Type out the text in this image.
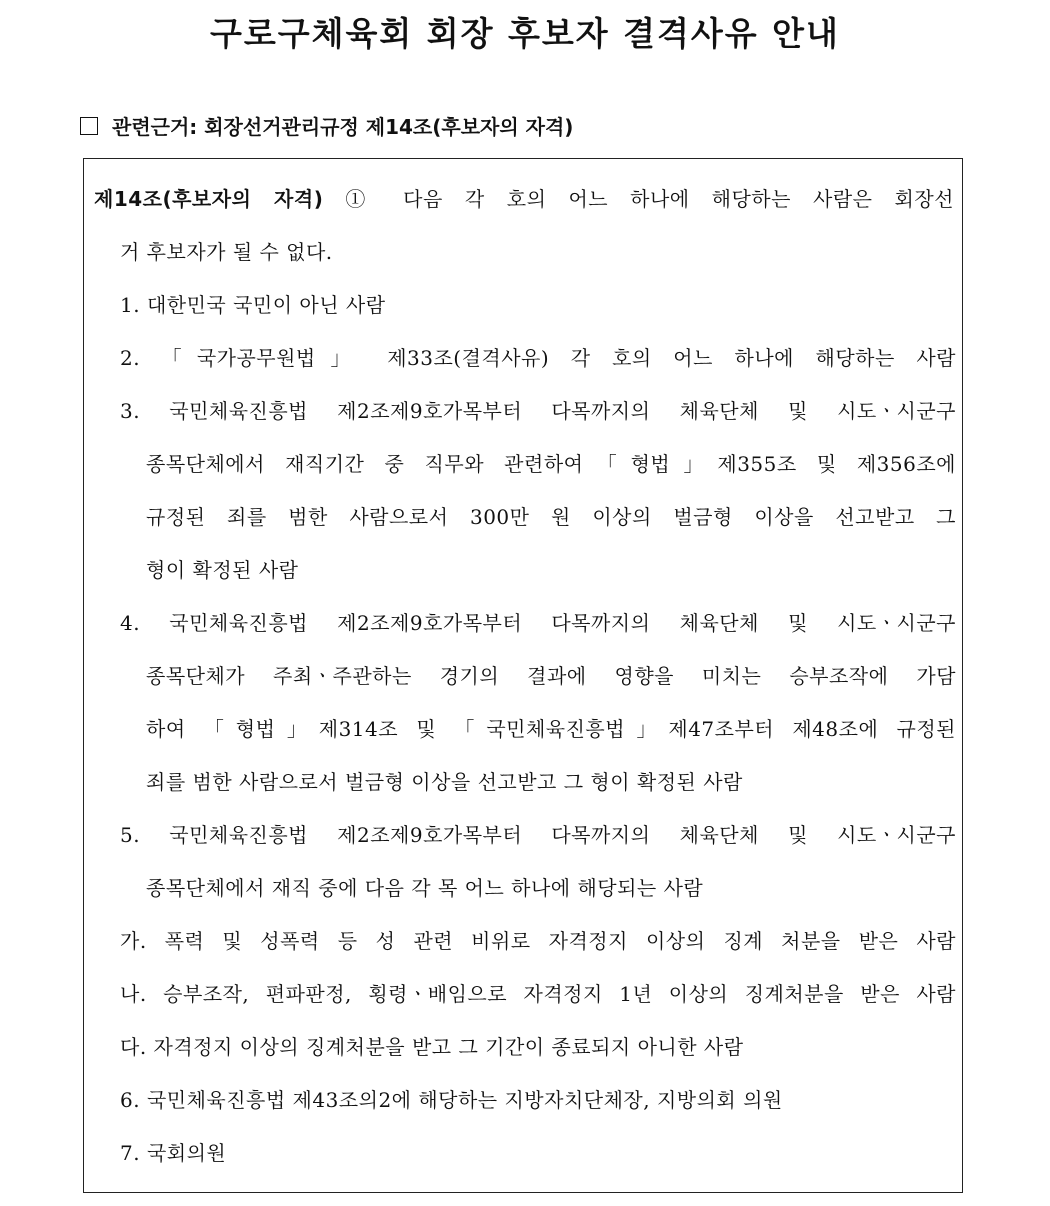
구로구체육회 회장 후보자 결격사유 안내
관련근거: 회장선거관리규정 제14조(후보자의 자격)
제14조(후보자의 자격) ① 다음 각 호의 어느 하나에 해당하는 사람은 회장선
거 후보자가 될 수 없다.
1. 대한민국 국민이 아닌 사람
2. 「국가공무원법」 제33조(결격사유) 각 호의 어느 하나에 해당하는 사람
3. 국민체육진흥법 제2조제9호가목부터 다목까지의 체육단체 및 시도ㆍ시군구
종목단체에서 재직기간 중 직무와 관련하여「형법」제355조 및 제356조에
규정된 죄를 범한 사람으로서 300만 원 이상의 벌금형 이상을 선고받고 그
형이 확정된 사람
4. 국민체육진흥법 제2조제9호가목부터 다목까지의 체육단체 및 시도ㆍ시군구
종목단체가 주최ㆍ주관하는 경기의 결과에 영향을 미치는 승부조작에 가담
하여 「형법」제314조 및 「국민체육진흥법」제47조부터 제48조에 규정된
죄를 범한 사람으로서 벌금형 이상을 선고받고 그 형이 확정된 사람
5. 국민체육진흥법 제2조제9호가목부터 다목까지의 체육단체 및 시도ㆍ시군구
종목단체에서 재직 중에 다음 각 목 어느 하나에 해당되는 사람
가. 폭력 및 성폭력 등 성 관련 비위로 자격정지 이상의 징계 처분을 받은 사람
나. 승부조작, 편파판정, 횡령ㆍ배임으로 자격정지 1년 이상의 징계처분을 받은 사람
다. 자격정지 이상의 징계처분을 받고 그 기간이 종료되지 아니한 사람
6. 국민체육진흥법 제43조의2에 해당하는 지방자치단체장, 지방의회 의원
7. 국회의원
